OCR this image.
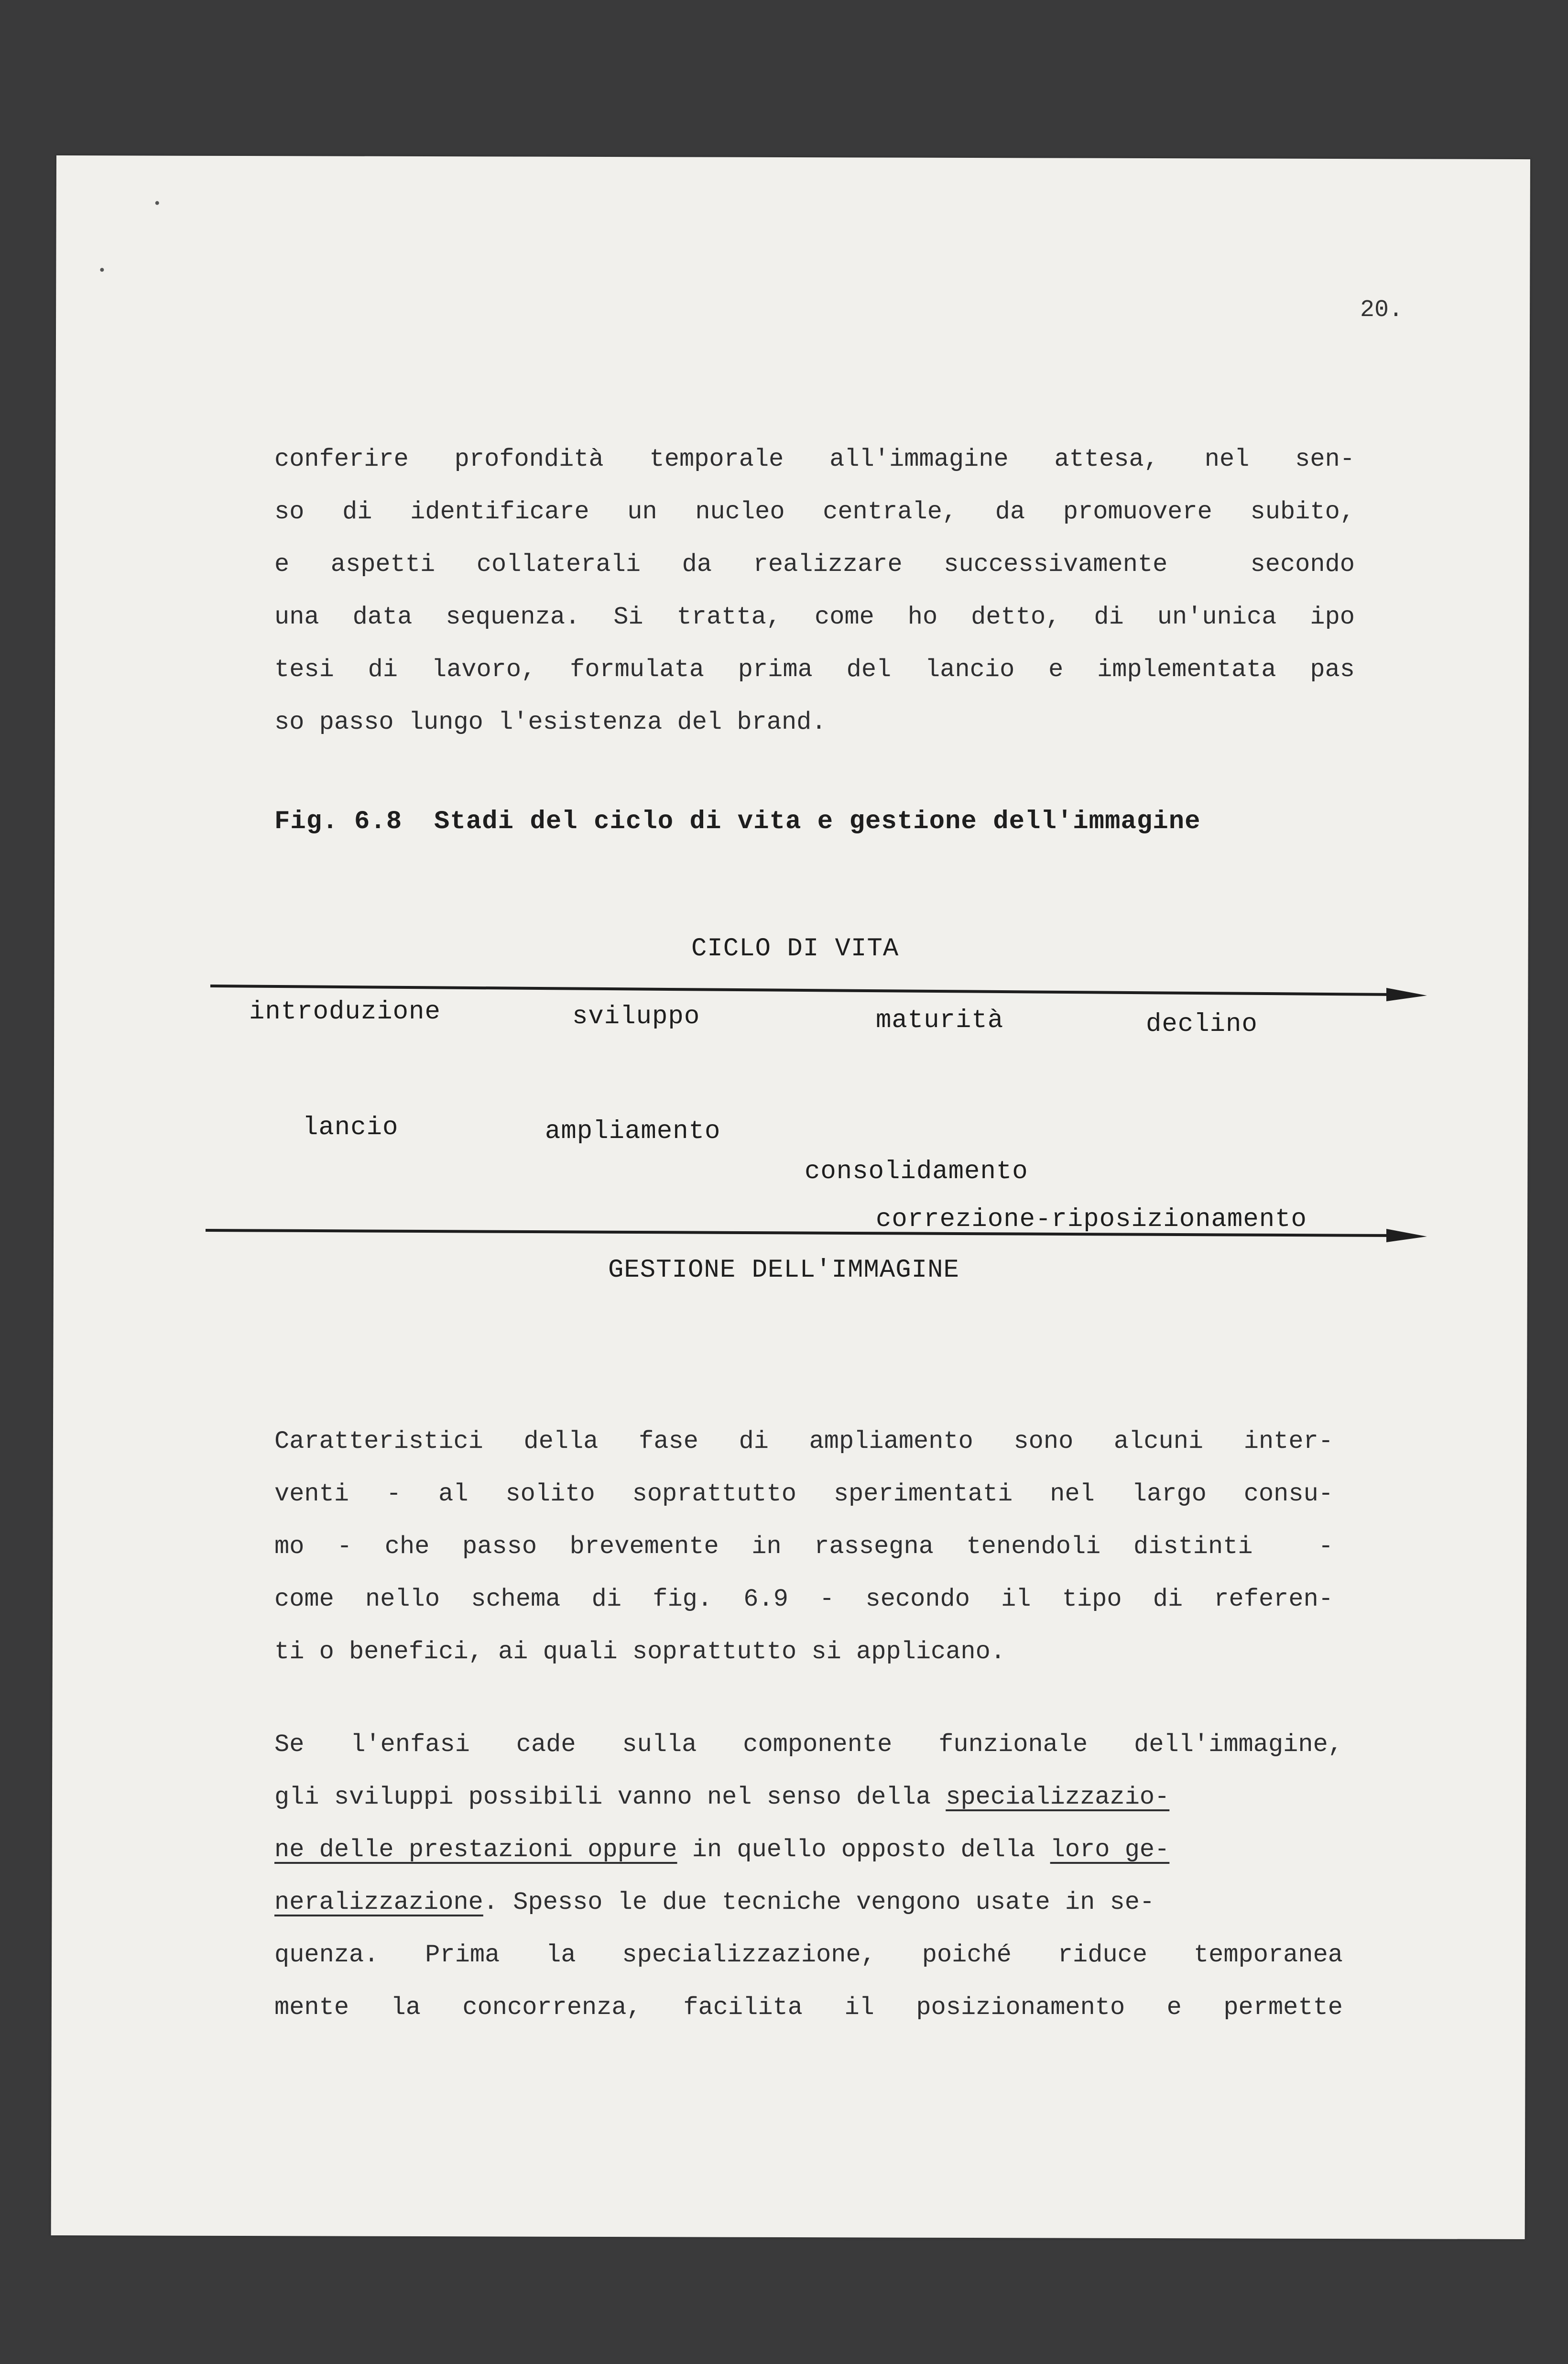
20.
conferire profondità temporale all'immagine attesa, nel sen-
so di identificare un nucleo centrale, da promuovere subito,
e aspetti collaterali da realizzare successivamente  secondo
una data sequenza. Si tratta, come ho detto, di un'unica ipo
tesi di lavoro, formulata prima del lancio e implementata pas
so passo lungo l'esistenza del brand.
Fig. 6.8  Stadi del ciclo di vita e gestione dell'immagine
CICLO DI VITA
introduzione	sviluppo	maturità	declino
lancio	ampliamento
consolidamento
correzione-riposizionamento
GESTIONE DELL'IMMAGINE
Caratteristici della fase di ampliamento sono alcuni inter-
venti - al solito soprattutto sperimentati nel largo consu-
mo - che passo brevemente in rassegna tenendoli distinti  -
come nello schema di fig. 6.9 - secondo il tipo di referen-
ti o benefici, ai quali soprattutto si applicano.
Se l'enfasi cade sulla componente funzionale dell'immagine,
gli sviluppi possibili vanno nel senso della specializzazio-
ne delle prestazioni oppure in quello opposto della loro ge-
neralizzazione. Spesso le due tecniche vengono usate in se-
quenza. Prima la specializzazione, poiché riduce temporanea
mente la concorrenza, facilita il posizionamento e permette
